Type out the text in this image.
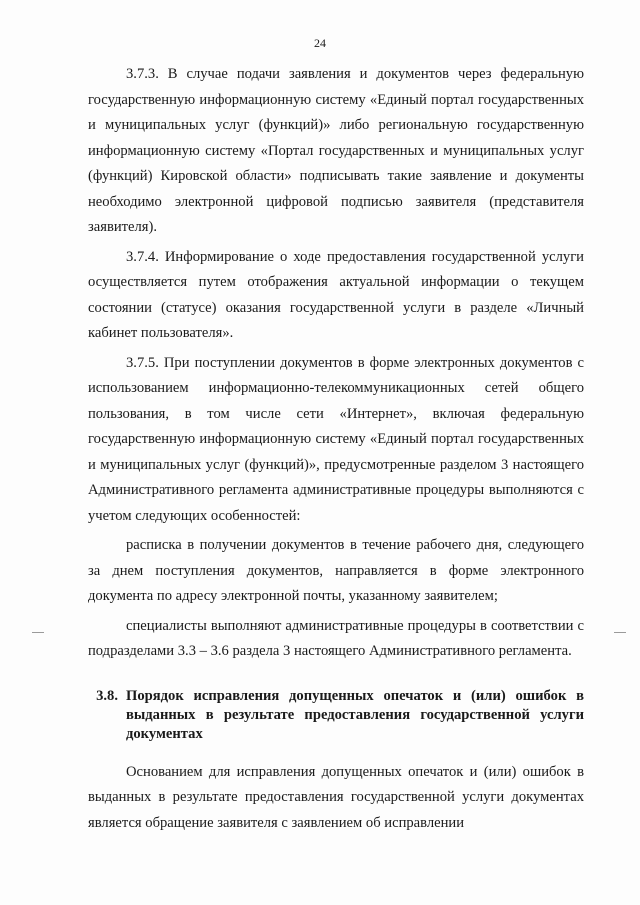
24

3.7.3. В случае подачи заявления и документов через федеральную государственную информационную систему «Единый портал государственных и муниципальных услуг (функций)» либо региональную государственную информационную систему «Портал государственных и муниципальных услуг (функций) Кировской области» подписывать такие заявление и документы необходимо электронной цифровой подписью заявителя (представителя заявителя).

3.7.4. Информирование о ходе предоставления государственной услуги осуществляется путем отображения актуальной информации о текущем состоянии (статусе) оказания государственной услуги в разделе «Личный кабинет пользователя».

3.7.5. При поступлении документов в форме электронных документов с использованием информационно-телекоммуникационных сетей общего пользования, в том числе сети «Интернет», включая федеральную государственную информационную систему «Единый портал государственных и муниципальных услуг (функций)», предусмотренные разделом 3 настоящего Административного регламента административные процедуры выполняются с учетом следующих особенностей:

расписка в получении документов в течение рабочего дня, следующего за днем поступления документов, направляется в форме электронного документа по адресу электронной почты, указанному заявителем;

специалисты выполняют административные процедуры в соответствии с подразделами 3.3 – 3.6 раздела 3 настоящего Административного регламента.

3.8. Порядок исправления допущенных опечаток и (или) ошибок в выданных в результате предоставления государственной услуги документах

Основанием для исправления допущенных опечаток и (или) ошибок в выданных в результате предоставления государственной услуги документах является обращение заявителя с заявлением об исправлении
